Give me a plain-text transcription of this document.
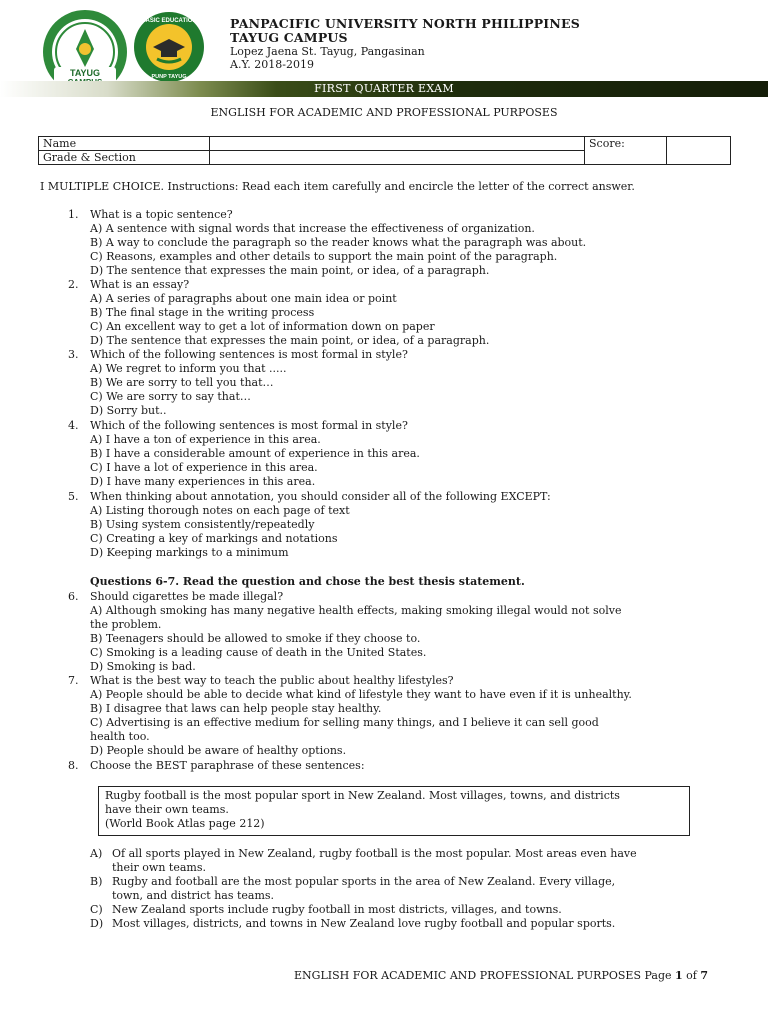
TAYUG
BASIC EDUCATION
PUNP TAYUG
PANPACIFIC UNIVERSITY NORTH PHILIPPINES
TAYUG CAMPUS
Lopez Jaena St. Tayug, Pangasinan
A.Y. 2018-2019
FIRST QUARTER EXAM
ENGLISH FOR ACADEMIC AND PROFESSIONAL PURPOSES
Name		Score:	

Grade & Section			
I MULTIPLE CHOICE. Instructions: Read each item carefully and encircle the letter of the correct answer.
1. What is a topic sentence?

A) A sentence with signal words that increase the effectiveness of organization.

B) A way to conclude the paragraph so the reader knows what the paragraph was about.

C) Reasons, examples and other details to support the main point of the paragraph.

D) The sentence that expresses the main point, or idea, of a paragraph.

2. What is an essay?

A) A series of paragraphs about one main idea or point

B) The final stage in the writing process

C) An excellent way to get a lot of information down on paper

D) The sentence that expresses the main point, or idea, of a paragraph.

3. Which of the following sentences is most formal in style?

A) We regret to inform you that .....

B) We are sorry to tell you that…

C) We are sorry to say that…

D) Sorry but..

4. Which of the following sentences is most formal in style?

A) I have a ton of experience in this area.

B) I have a considerable amount of experience in this area.

C) I have a lot of experience in this area.

D) I have many experiences in this area.

5. When thinking about annotation, you should consider all of the following EXCEPT:

A) Listing thorough notes on each page of text

B) Using system consistently/repeatedly

C) Creating a key of markings and notations

D) Keeping markings to a minimum

Questions 6-7. Read the question and chose the best thesis statement.
6. Should cigarettes be made illegal?

A) Although smoking has many negative health effects, making smoking illegal would not solve

the problem.

B) Teenagers should be allowed to smoke if they choose to.

C) Smoking is a leading cause of death in the United States.

D) Smoking is bad.

7. What is the best way to teach the public about healthy lifestyles?

A) People should be able to decide what kind of lifestyle they want to have even if it is unhealthy.

B) I disagree that laws can help people stay healthy.

C) Advertising is an effective medium for selling many things, and I believe it can sell good

health too.

D) People should be aware of healthy options.

8. Choose the BEST paraphrase of these sentences:

Rugby football is the most popular sport in New Zealand. Most villages, towns, and districts
have their own teams.
(World Book Atlas page 212)
A) Of all sports played in New Zealand, rugby football is the most popular. Most areas even have
their own teams.
B) Rugby and football are the most popular sports in the area of New Zealand. Every village,
town, and district has teams.
C) New Zealand sports include rugby football in most districts, villages, and towns.
D) Most villages, districts, and towns in New Zealand love rugby football and popular sports.
ENGLISH FOR ACADEMIC AND PROFESSIONAL PURPOSES Page 1 of 7
